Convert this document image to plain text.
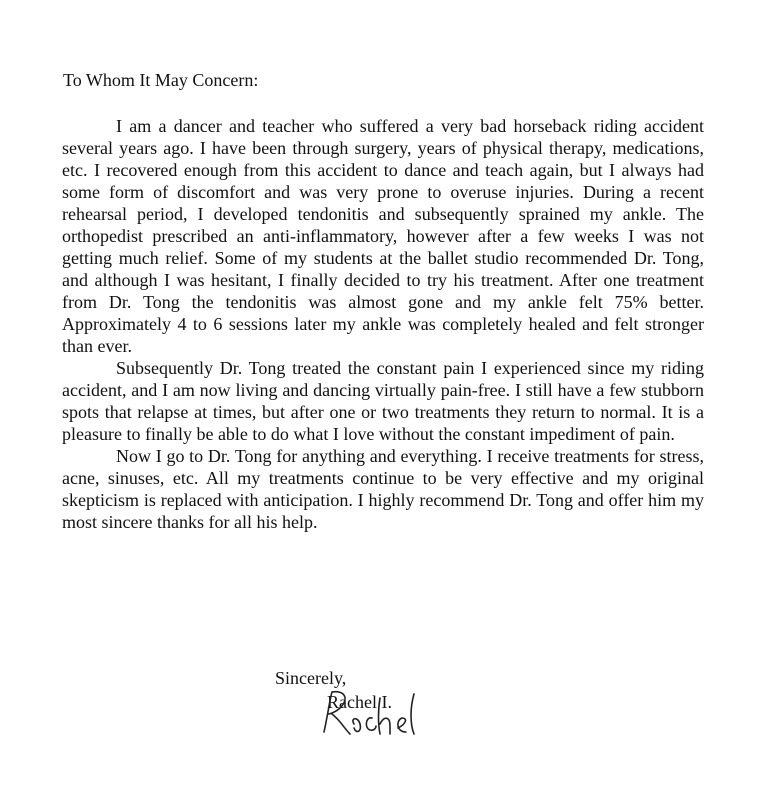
To Whom It May Concern:

I am a dancer and teacher who suffered a very bad horseback riding accident several years ago. I have been through surgery, years of physical therapy, medications, etc. I recovered enough from this accident to dance and teach again, but I always had some form of discomfort and was very prone to overuse injuries. During a recent rehearsal period, I developed tendonitis and subsequently sprained my ankle. The orthopedist prescribed an anti-inflammatory, however after a few weeks I was not getting much relief. Some of my students at the ballet studio recommended Dr. Tong, and although I was hesitant, I finally decided to try his treatment. After one treatment from Dr. Tong the tendonitis was almost gone and my ankle felt 75% better. Approximately 4 to 6 sessions later my ankle was completely healed and felt stronger than ever.

Subsequently Dr. Tong treated the constant pain I experienced since my riding accident, and I am now living and dancing virtually pain-free. I still have a few stubborn spots that relapse at times, but after one or two treatments they return to normal. It is a pleasure to finally be able to do what I love without the constant impediment of pain.

Now I go to Dr. Tong for anything and everything. I receive treatments for stress, acne, sinuses, etc. All my treatments continue to be very effective and my original skepticism is replaced with anticipation. I highly recommend Dr. Tong and offer him my most sincere thanks for all his help.

Sincerely,

Rachel I.
